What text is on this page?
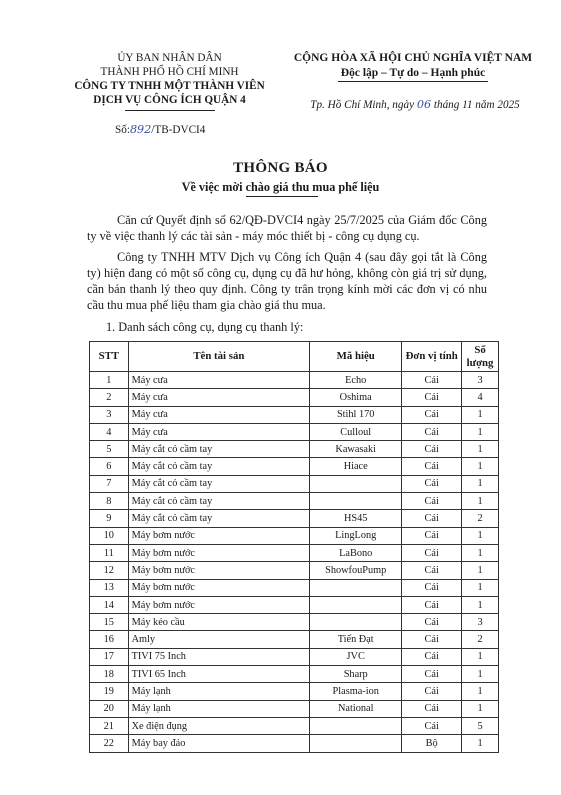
ỦY BAN NHÂN DÂN
THÀNH PHỐ HỒ CHÍ MINH
CÔNG TY TNHH MỘT THÀNH VIÊN
DỊCH VỤ CÔNG ÍCH QUẬN 4
CỘNG HÒA XÃ HỘI CHỦ NGHĨA VIỆT NAM
Độc lập – Tự do – Hạnh phúc
Tp. Hồ Chí Minh, ngày 06 tháng 11 năm 2025
Số:892/TB-DVCI4
THÔNG BÁO
Về việc mời chào giá thu mua phế liệu
Căn cứ Quyết định số 62/QĐ-DVCI4 ngày 25/7/2025 của Giám đốc Công ty về việc thanh lý các tài sản - máy móc thiết bị - công cụ dụng cụ.
Công ty TNHH MTV Dịch vụ Công ích Quận 4 (sau đây gọi tắt là Công ty) hiện đang có một số công cụ, dụng cụ đã hư hỏng, không còn giá trị sử dụng, cần bán thanh lý theo quy định. Công ty trân trọng kính mời các đơn vị có nhu cầu thu mua phế liệu tham gia chào giá thu mua.
1. Danh sách công cụ, dụng cụ thanh lý:
STT	Tên tài sản	Mã hiệu	Đơn vị tính	Số lượng
1	Máy cưa	Echo	Cái	3
2	Máy cưa	Oshima	Cái	4
3	Máy cưa	Stihl 170	Cái	1
4	Máy cưa	Culloul	Cái	1
5	Máy cắt cỏ cầm tay	Kawasaki	Cái	1
6	Máy cắt cỏ cầm tay	Hiace	Cái	1
7	Máy cắt cỏ cầm tay		Cái	1
8	Máy cắt cỏ cầm tay		Cái	1
9	Máy cắt cỏ cầm tay	HS45	Cái	2
10	Máy bơm nước	LingLong	Cái	1
11	Máy bơm nước	LaBono	Cái	1
12	Máy bơm nước	ShowfouPump	Cái	1
13	Máy bơm nước		Cái	1
14	Máy bơm nước		Cái	1
15	Máy kéo cầu		Cái	3
16	Amly	Tiến Đạt	Cái	2
17	TIVI 75 Inch	JVC	Cái	1
18	TIVI 65 Inch	Sharp	Cái	1
19	Máy lạnh	Plasma-ion	Cái	1
20	Máy lạnh	National	Cái	1
21	Xe điện đụng		Cái	5
22	Máy bay đảo		Bộ	1
